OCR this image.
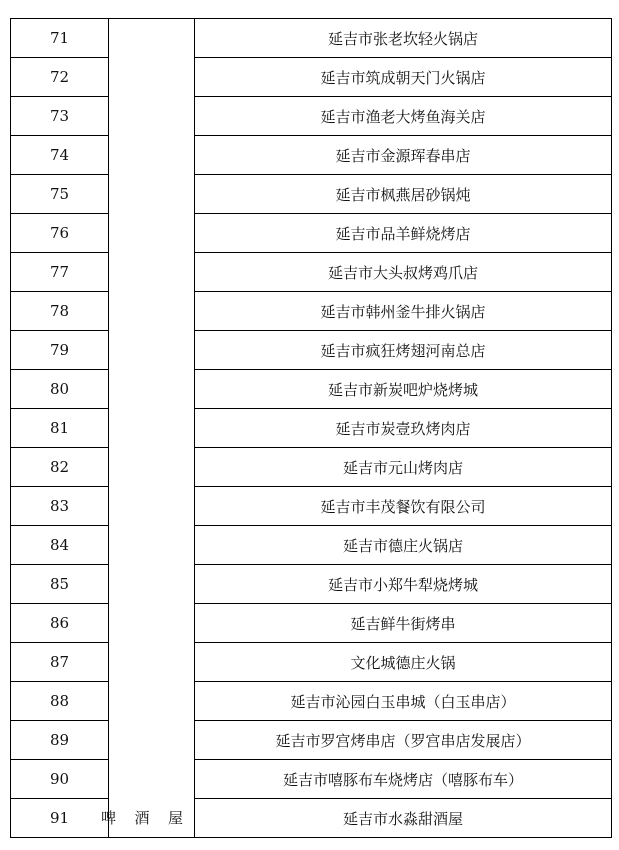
71		延吉市张老坎轻火锅店
72		延吉市筑成朝天门火锅店
73		延吉市渔老大烤鱼海关店
74		延吉市金源珲春串店
75		延吉市枫燕居砂锅炖
76		延吉市品羊鲜烧烤店
77		延吉市大头叔烤鸡爪店
78		延吉市韩州釜牛排火锅店
79		延吉市疯狂烤翅河南总店
80		延吉市新炭吧炉烧烤城
81		延吉市炭壹玖烤肉店
82		延吉市元山烤肉店
83		延吉市丰茂餐饮有限公司
84		延吉市德庄火锅店
85		延吉市小郑牛犁烧烤城
86		延吉鲜牛街烤串
87		文化城德庄火锅
88		延吉市沁园白玉串城（白玉串店）
89		延吉市罗宫烤串店（罗宫串店发展店）
90		延吉市嘻豚布车烧烤店（嘻豚布车）
91	啤 酒 屋	延吉市水淼甜酒屋
